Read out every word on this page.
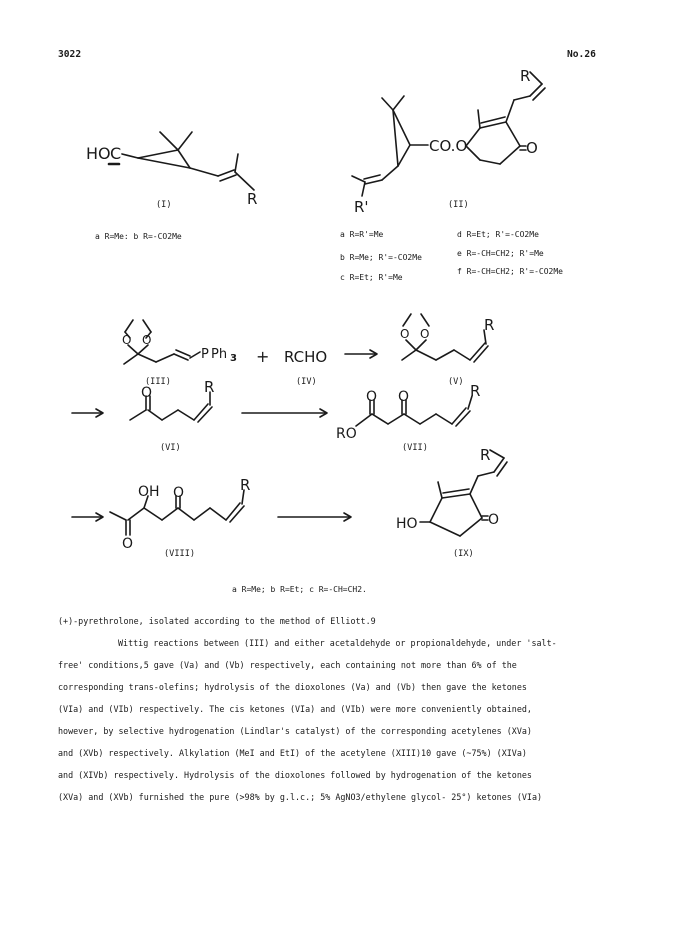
3022	No.26
HO C
R
CO.O
R'
O
R
O O
P Ph 3 + RCHO
O O	R
O	R
RO
O O	R
O
OH O	R
HO	O
R
(I)	(II)
(III)	(IV)	(V)
(VI)	(VII)
(VIII)	(IX)
a R=Me: b R=-CO2Me	a R=R'=Me
b R=Me; R'=-CO2Me
c R=Et; R'=Me
d R=Et; R'=-CO2Me
e R=-CH=CH2; R'=Me
f R=-CH=CH2; R'=-CO2Me
a R=Me; b R=Et; c R=-CH=CH2.
(+)-pyrethrolone, isolated according to the method of Elliott.9
Wittig reactions between (III) and either acetaldehyde or propionaldehyde, under 'salt-
free' conditions,5 gave (Va) and (Vb) respectively, each containing not more than 6% of the
corresponding trans-olefins; hydrolysis of the dioxolones (Va) and (Vb) then gave the ketones
(VIa) and (VIb) respectively. The cis ketones (VIa) and (VIb) were more conveniently obtained,
however, by selective hydrogenation (Lindlar's catalyst) of the corresponding acetylenes (XVa)
and (XVb) respectively. Alkylation (MeI and EtI) of the acetylene (XIII)10 gave (~75%) (XIVa)
and (XIVb) respectively. Hydrolysis of the dioxolones followed by hydrogenation of the ketones
(XVa) and (XVb) furnished the pure (>98% by g.l.c.; 5% AgNO3/ethylene glycol- 25°) ketones (VIa)
